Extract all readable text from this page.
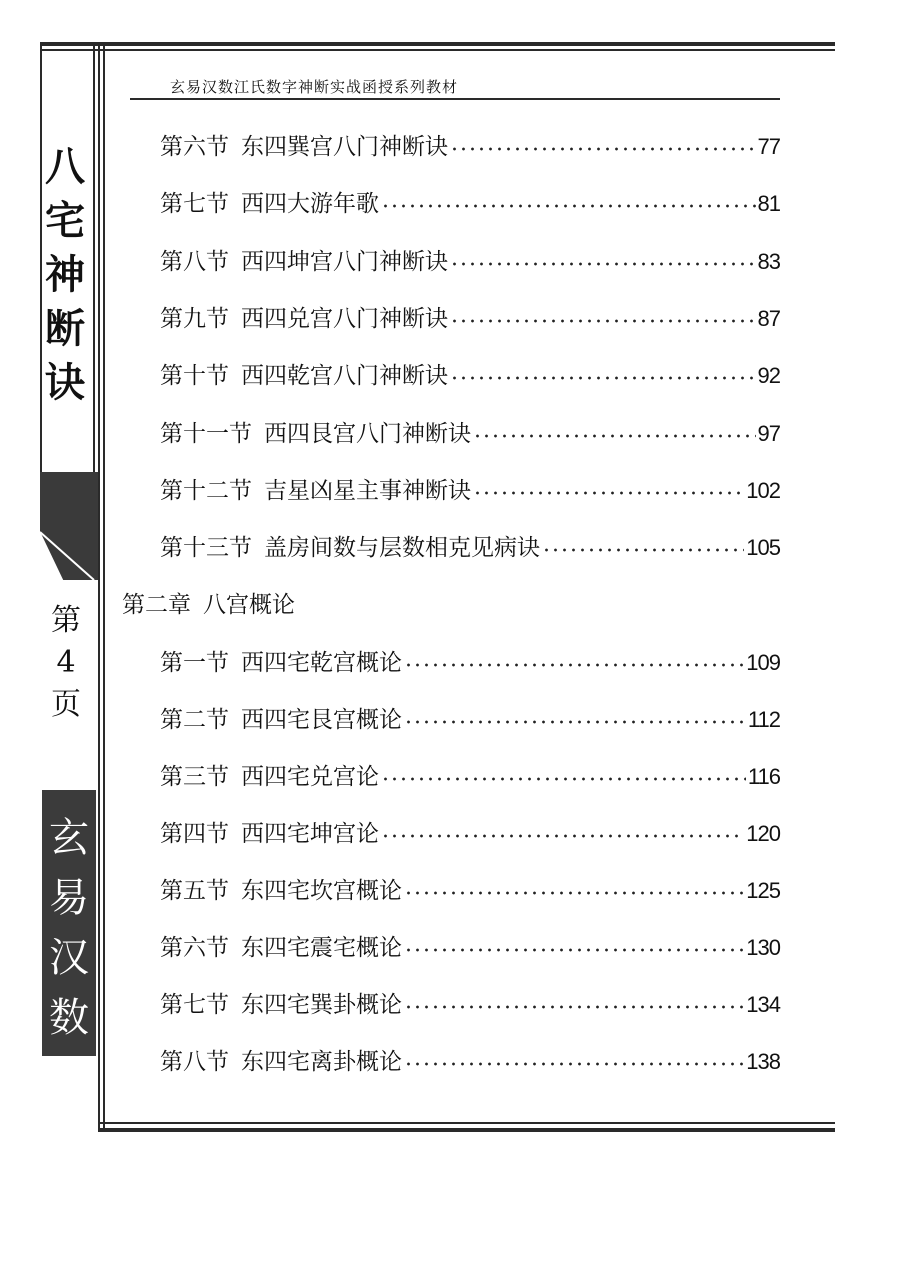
玄易汉数江氏数字神断实战函授系列教材
八
宅
神
断
诀
第
4
页
玄
易
汉
数
第六节 东四巽宫八门神断诀	77
第七节 西四大游年歌	81
第八节 西四坤宫八门神断诀	83
第九节 西四兑宫八门神断诀	87
第十节 西四乾宫八门神断诀	92
第十一节 西四艮宫八门神断诀	97
第十二节 吉星凶星主事神断诀	102
第十三节 盖房间数与层数相克见病诀	105
第二章 八宫概论
第一节 西四宅乾宫概论	109
第二节 西四宅艮宫概论	112
第三节 西四宅兑宫论	116
第四节 西四宅坤宫论	120
第五节 东四宅坎宫概论	125
第六节 东四宅震宅概论	130
第七节 东四宅巽卦概论	134
第八节 东四宅离卦概论	138
